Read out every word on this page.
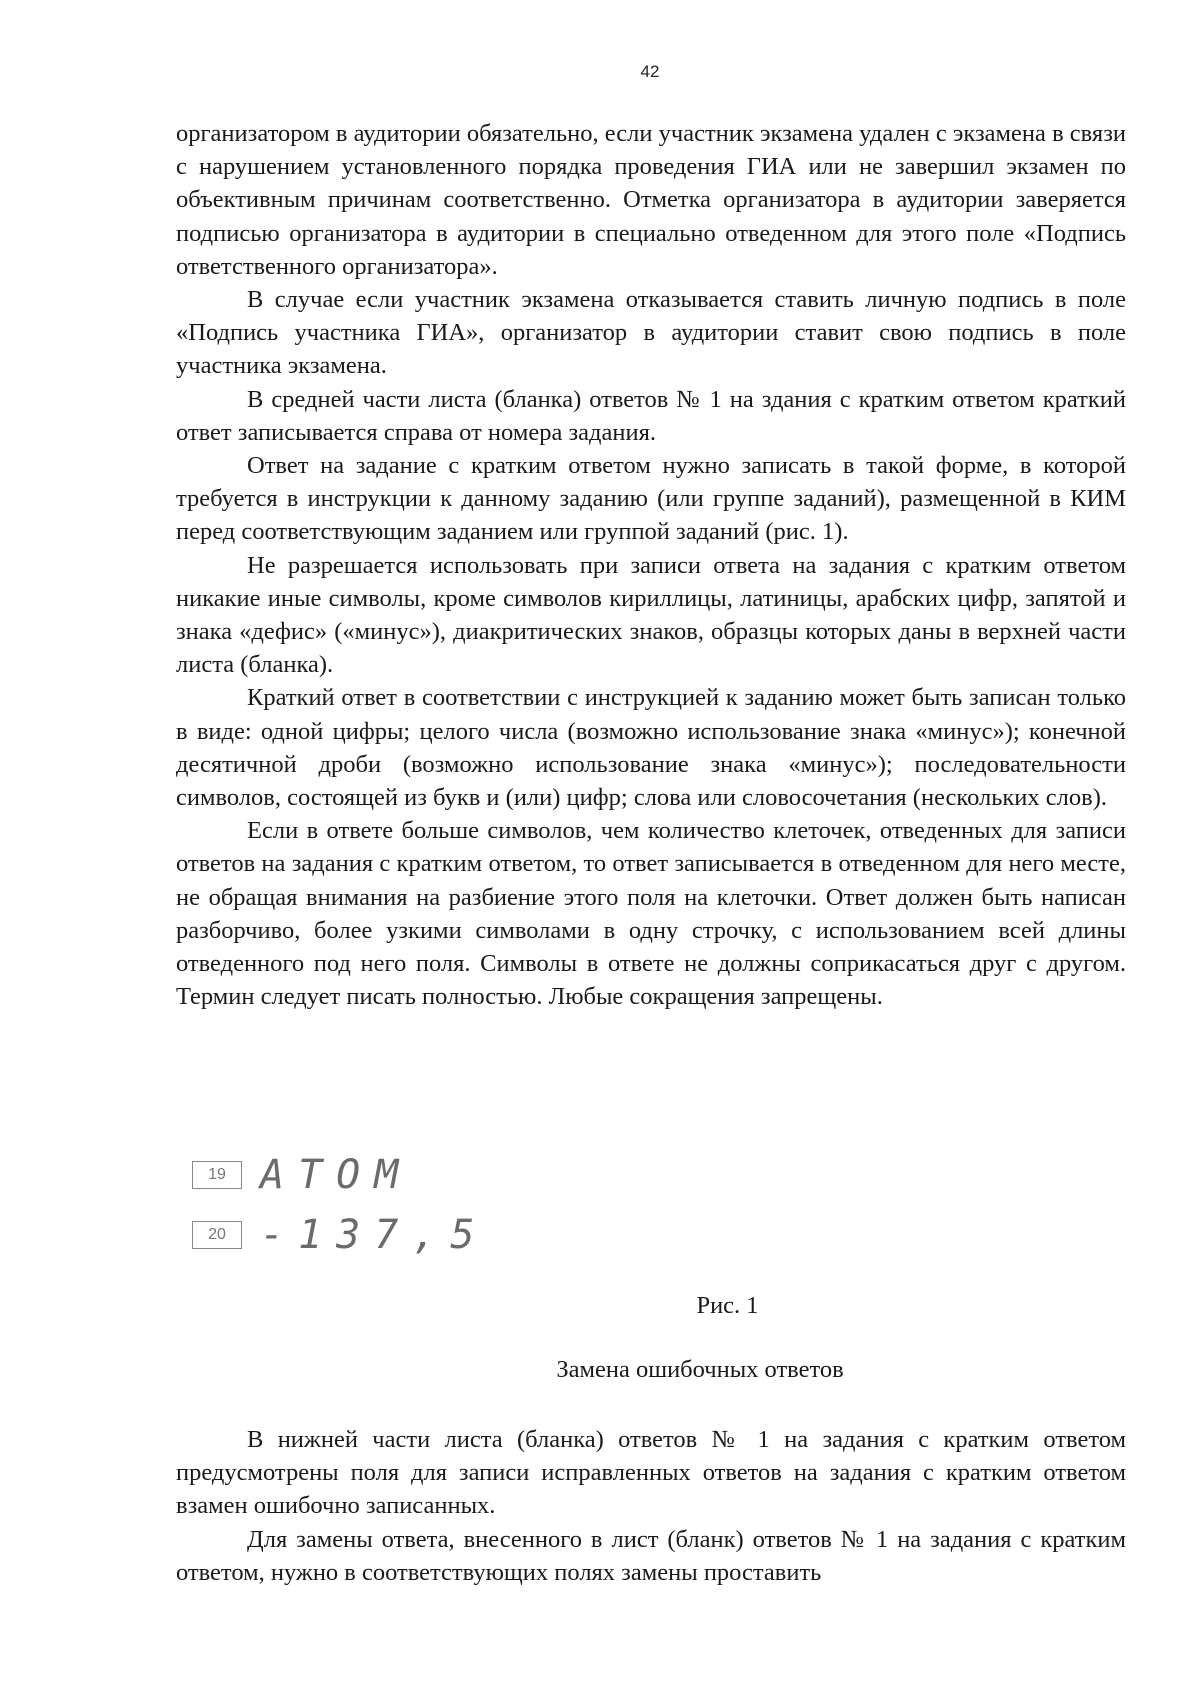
42

организатором в аудитории обязательно, если участник экзамена удален с экзамена в связи с нарушением установленного порядка проведения ГИА или не завершил экзамен по объективным причинам соответственно. Отметка организатора в аудитории заверяется подписью организатора в аудитории в специально отведенном для этого поле «Подпись ответственного организатора».

В случае если участник экзамена отказывается ставить личную подпись в поле «Подпись участника ГИА», организатор в аудитории ставит свою подпись в поле участника экзамена.

В средней части листа (бланка) ответов № 1 на здания с кратким ответом краткий ответ записывается справа от номера задания.

Ответ на задание с кратким ответом нужно записать в такой форме, в которой требуется в инструкции к данному заданию (или группе заданий), размещенной в КИМ перед соответствующим заданием или группой заданий (рис. 1).

Не разрешается использовать при записи ответа на задания с кратким ответом никакие иные символы, кроме символов кириллицы, латиницы, арабских цифр, запятой и знака «дефис» («минус»), диакритических знаков, образцы которых даны в верхней части листа (бланка).

Краткий ответ в соответствии с инструкцией к заданию может быть записан только в виде: одной цифры; целого числа (возможно использование знака «минус»); конечной десятичной дроби (возможно использование знака «минус»); последовательности символов, состоящей из букв и (или) цифр; слова или словосочетания (нескольких слов).

Если в ответе больше символов, чем количество клеточек, отведенных для записи ответов на задания с кратким ответом, то ответ записывается в отведенном для него месте, не обращая внимания на разбиение этого поля на клеточки. Ответ должен быть написан разборчиво, более узкими символами в одну строчку, с использованием всей длины отведенного под него поля. Символы в ответе не должны соприкасаться друг с другом. Термин следует писать полностью. Любые сокращения запрещены.

19 АТОМ
20 -137,5
Рис. 1
Замена ошибочных ответов

В нижней части листа (бланка) ответов № 1 на задания с кратким ответом предусмотрены поля для записи исправленных ответов на задания с кратким ответом взамен ошибочно записанных.

Для замены ответа, внесенного в лист (бланк) ответов № 1 на задания с кратким ответом, нужно в соответствующих полях замены проставить
